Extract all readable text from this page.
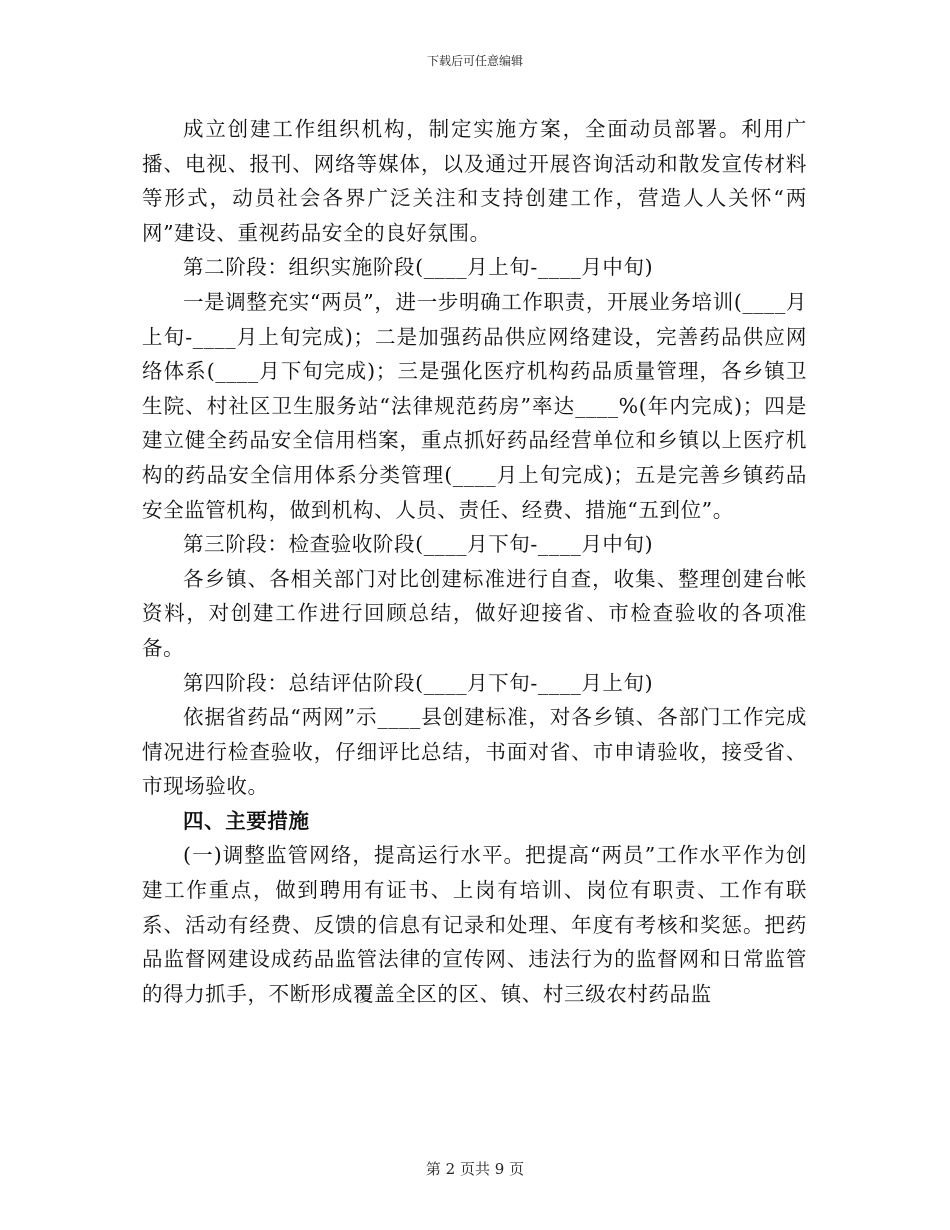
下载后可任意编辑

成立创建工作组织机构，制定实施方案，全面动员部署。利用广播、电视、报刊、网络等媒体，以及通过开展咨询活动和散发宣传材料等形式，动员社会各界广泛关注和支持创建工作，营造人人关怀“两网”建设、重视药品安全的良好氛围。

第二阶段：组织实施阶段(____月上旬-____月中旬)

一是调整充实“两员”，进一步明确工作职责，开展业务培训(____月上旬-____月上旬完成)；二是加强药品供应网络建设，完善药品供应网络体系(____月下旬完成)；三是强化医疗机构药品质量管理，各乡镇卫生院、村社区卫生服务站“法律规范药房”率达____%(年内完成)；四是建立健全药品安全信用档案，重点抓好药品经营单位和乡镇以上医疗机构的药品安全信用体系分类管理(____月上旬完成)；五是完善乡镇药品安全监管机构，做到机构、人员、责任、经费、措施“五到位”。

第三阶段：检查验收阶段(____月下旬-____月中旬)

各乡镇、各相关部门对比创建标准进行自查，收集、整理创建台帐资料，对创建工作进行回顾总结，做好迎接省、市检查验收的各项准备。

第四阶段：总结评估阶段(____月下旬-____月上旬)

依据省药品“两网”示____县创建标准，对各乡镇、各部门工作完成情况进行检查验收，仔细评比总结，书面对省、市申请验收，接受省、市现场验收。

四、主要措施

(一)调整监管网络，提高运行水平。把提高“两员”工作水平作为创建工作重点，做到聘用有证书、上岗有培训、岗位有职责、工作有联系、活动有经费、反馈的信息有记录和处理、年度有考核和奖惩。把药品监督网建设成药品监管法律的宣传网、违法行为的监督网和日常监管的得力抓手，不断形成覆盖全区的区、镇、村三级农村药品监

第 2 页共 9 页
